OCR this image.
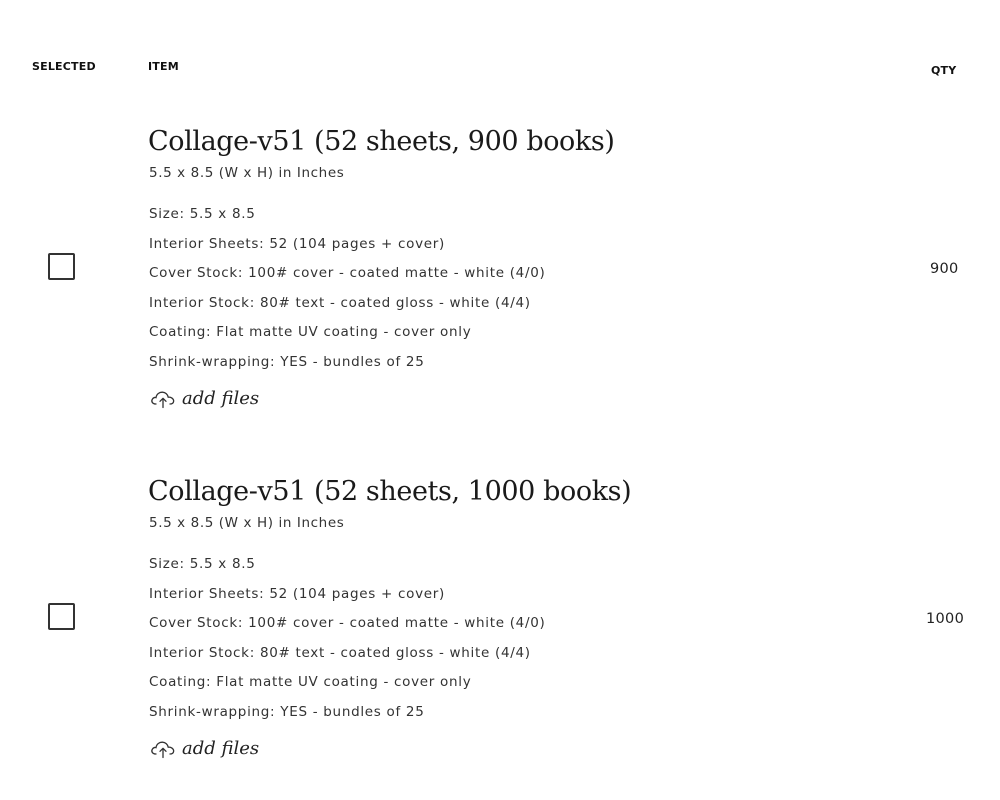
SELECTED	ITEM	QTY
Collage-v51 (52 sheets, 900 books)
5.5 x 8.5 (W x H) in Inches
Size: 5.5 x 8.5
Interior Sheets: 52 (104 pages + cover)
Cover Stock: 100# cover - coated matte - white (4/0)
Interior Stock: 80# text - coated gloss - white (4/4)
Coating: Flat matte UV coating - cover only
Shrink-wrapping: YES - bundles of 25
add files
900
Collage-v51 (52 sheets, 1000 books)
5.5 x 8.5 (W x H) in Inches
Size: 5.5 x 8.5
Interior Sheets: 52 (104 pages + cover)
Cover Stock: 100# cover - coated matte - white (4/0)
Interior Stock: 80# text - coated gloss - white (4/4)
Coating: Flat matte UV coating - cover only
Shrink-wrapping: YES - bundles of 25
add files
1000
